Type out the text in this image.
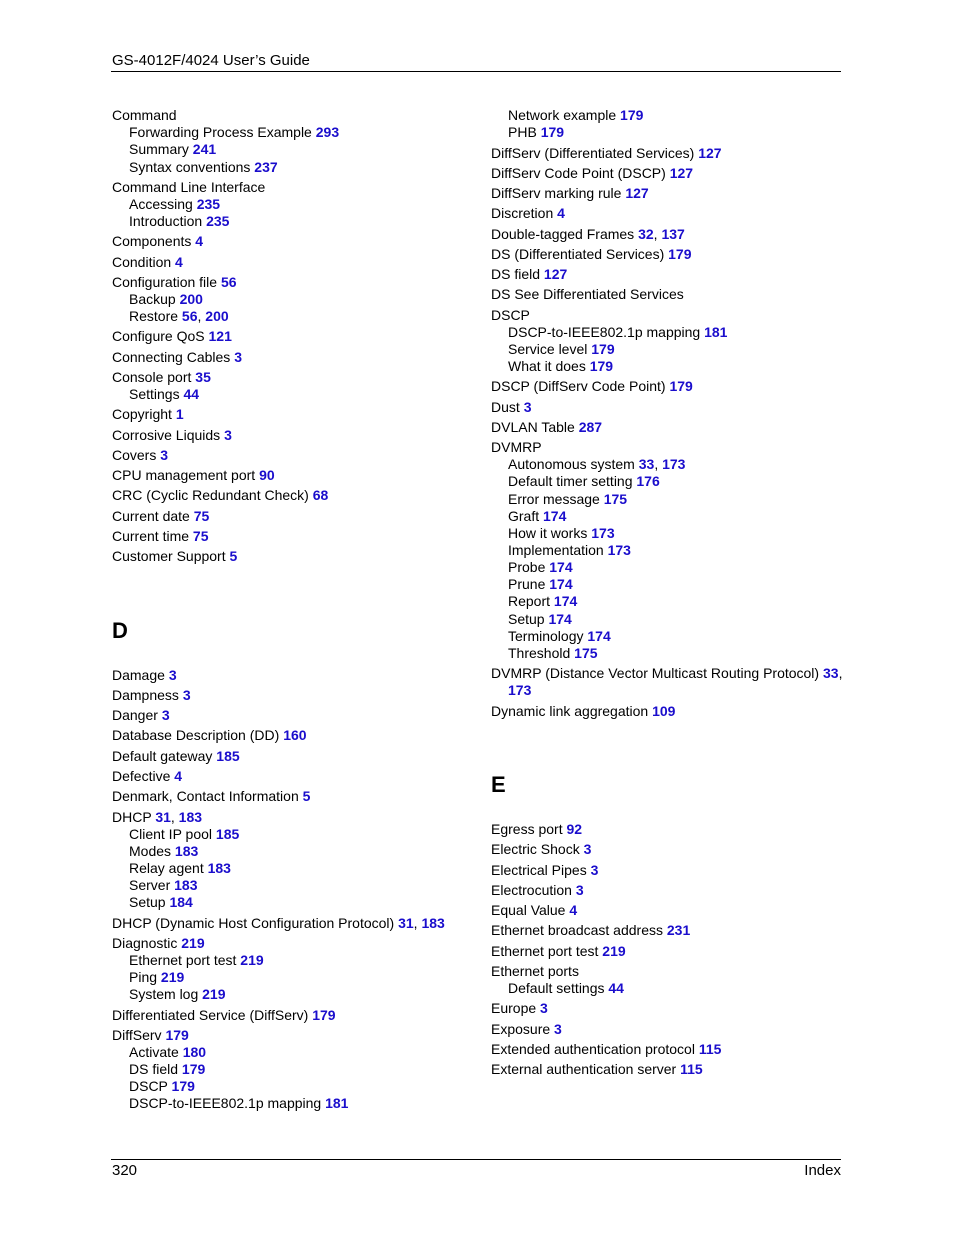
GS-4012F/4024 User’s Guide
Command
Forwarding Process Example 293
Summary 241
Syntax conventions 237
Command Line Interface
Accessing 235
Introduction 235
Components 4
Condition 4
Configuration file 56
Backup 200
Restore 56, 200
Configure QoS 121
Connecting Cables 3
Console port 35
Settings 44
Copyright 1
Corrosive Liquids 3
Covers 3
CPU management port 90
CRC (Cyclic Redundant Check) 68
Current date 75
Current time 75
Customer Support 5
D
Damage 3
Dampness 3
Danger 3
Database Description (DD) 160
Default gateway 185
Defective 4
Denmark, Contact Information 5
DHCP 31, 183
Client IP pool 185
Modes 183
Relay agent 183
Server 183
Setup 184
DHCP (Dynamic Host Configuration Protocol) 31, 183
Diagnostic 219
Ethernet port test 219
Ping 219
System log 219
Differentiated Service (DiffServ) 179
DiffServ 179
Activate 180
DS field 179
DSCP 179
DSCP-to-IEEE802.1p mapping 181
Network example 179
PHB 179
DiffServ (Differentiated Services) 127
DiffServ Code Point (DSCP) 127
DiffServ marking rule 127
Discretion 4
Double-tagged Frames 32, 137
DS (Differentiated Services) 179
DS field 127
DS See Differentiated Services
DSCP
DSCP-to-IEEE802.1p mapping 181
Service level 179
What it does 179
DSCP (DiffServ Code Point) 179
Dust 3
DVLAN Table 287
DVMRP
Autonomous system 33, 173
Default timer setting 176
Error message 175
Graft 174
How it works 173
Implementation 173
Probe 174
Prune 174
Report 174
Setup 174
Terminology 174
Threshold 175
DVMRP (Distance Vector Multicast Routing Protocol) 33,
173
Dynamic link aggregation 109
E
Egress port 92
Electric Shock 3
Electrical Pipes 3
Electrocution 3
Equal Value 4
Ethernet broadcast address 231
Ethernet port test 219
Ethernet ports
Default settings 44
Europe 3
Exposure 3
Extended authentication protocol 115
External authentication server 115
320	Index
